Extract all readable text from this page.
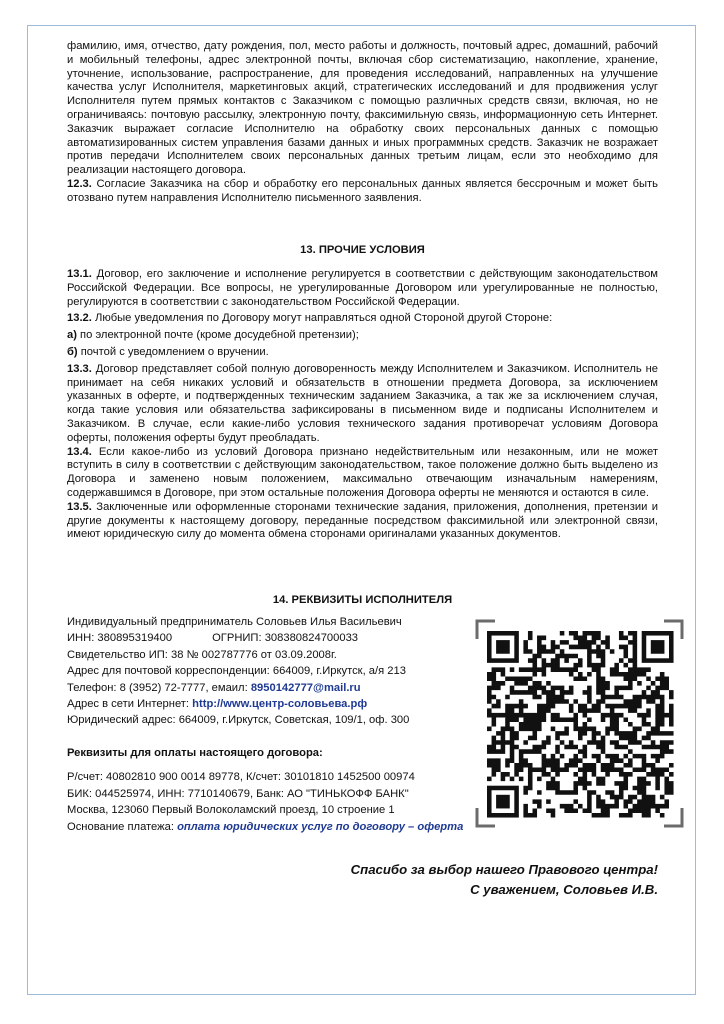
фамилию, имя, отчество, дату рождения, пол, место работы и должность, почтовый адрес, домашний, рабочий и мобильный телефоны, адрес электронной почты, включая сбор систематизацию, накопление, хранение, уточнение, использование, распространение, для проведения исследований, направленных на улучшение качества услуг Исполнителя, маркетинговых акций, стратегических исследований и для продвижения услуг Исполнителя путем прямых контактов с Заказчиком с помощью различных средств связи, включая, но не ограничиваясь: почтовую рассылку, электронную почту, факсимильную связь, информационную сеть Интернет. Заказчик выражает согласие Исполнителю на обработку своих персональных данных с помощью автоматизированных систем управления базами данных и иных программных средств. Заказчик не возражает против передачи Исполнителем своих персональных данных третьим лицам, если это необходимо для реализации настоящего договора.

12.3. Согласие Заказчика на сбор и обработку его персональных данных является бессрочным и может быть отозвано путем направления Исполнителю письменного заявления.

13. ПРОЧИЕ УСЛОВИЯ

13.1. Договор, его заключение и исполнение регулируется в соответствии с действующим законодательством Российской Федерации. Все вопросы, не урегулированные Договором или урегулированные не полностью, регулируются в соответствии с законодательством Российской Федерации.

13.2. Любые уведомления по Договору могут направляться одной Стороной другой Стороне:

а) по электронной почте (кроме досудебной претензии);

б) почтой с уведомлением о вручении.

13.3. Договор представляет собой полную договоренность между Исполнителем и Заказчиком. Исполнитель не принимает на себя никаких условий и обязательств в отношении предмета Договора, за исключением указанных в оферте, и подтвержденных техническим заданием Заказчика, а так же за исключением случая, когда такие условия или обязательства зафиксированы в письменном виде и подписаны Исполнителем и Заказчиком. В случае, если какие-либо условия технического задания противоречат условиям Договора оферты, положения оферты будут преобладать.

13.4. Если какое-либо из условий Договора признано недействительным или незаконным, или не может вступить в силу в соответствии с действующим законодательством, такое положение должно быть выделено из Договора и заменено новым положением, максимально отвечающим изначальным намерениям, содержавшимся в Договоре, при этом остальные положения Договора оферты не меняются и остаются в силе.

13.5. Заключенные или оформленные сторонами технические задания, приложения, дополнения, претензии и другие документы к настоящему договору, переданные посредством факсимильной или электронной связи, имеют юридическую силу до момента обмена сторонами оригиналами указанных документов.

14. РЕКВИЗИТЫ ИСПОЛНИТЕЛЯ

Индивидуальный предприниматель Соловьев Илья Васильевич

ИНН: 380895319400	ОГРНИП: 308380824700033

Свидетельство ИП: 38 № 002787776 от 03.09.2008г.

Адрес для почтовой корреспонденции: 664009, г.Иркутск, а/я 213

Телефон: 8 (3952) 72-7777, емаил: 8950142777@mail.ru

Адрес в сети Интернет: http://www.центр-соловьева.рф

Юридический адрес: 664009, г.Иркутск, Советская, 109/1, оф. 300

Реквизиты для оплаты настоящего договора:

Р/счет: 40802810 900 0014 89778, К/счет: 30101810 1452500 00974

БИК: 044525974, ИНН: 7710140679, Банк: АО "ТИНЬКОФФ БАНК"

Москва, 123060 Первый Волоколамский проезд, 10 строение 1

Основание платежа: оплата юридических услуг по договору – оферта

Спасибо за выбор нашего Правового центра!
С уважением, Соловьев И.В.
